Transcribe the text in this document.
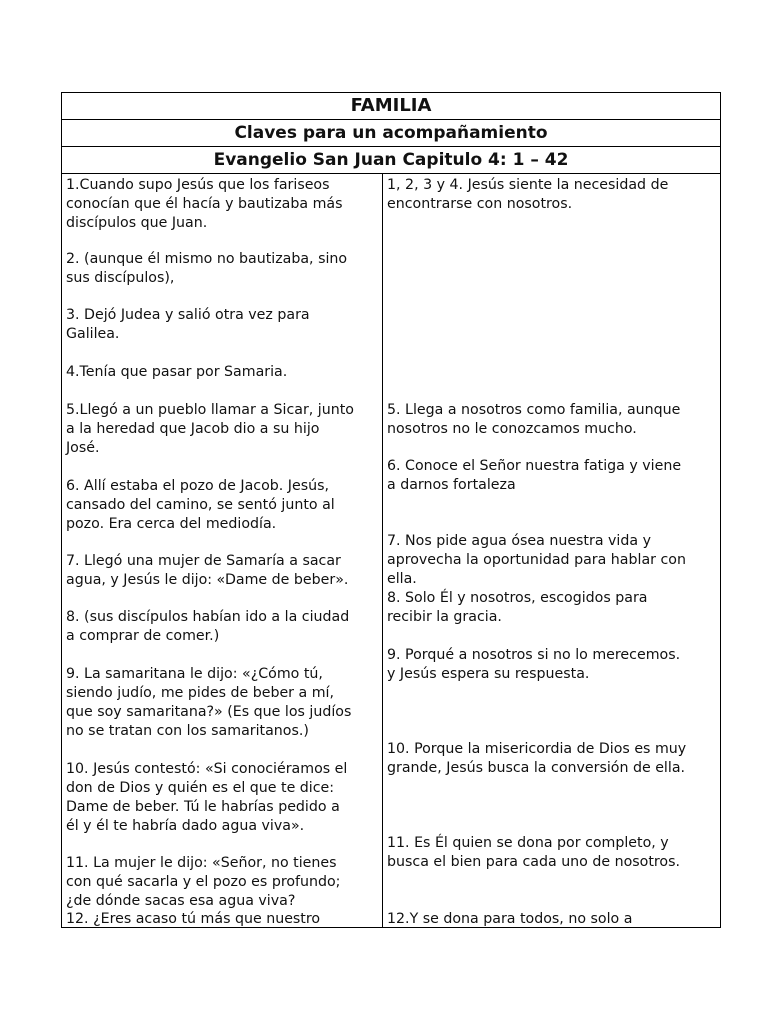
FAMILIA
Claves para un acompañamiento
Evangelio San Juan Capitulo 4: 1 – 42

1.Cuando supo Jesús que los fariseos
conocían que él hacía y bautizaba más
discípulos que Juan.

2. (aunque él mismo no bautizaba, sino
sus discípulos),

3. Dejó Judea y salió otra vez para
Galilea.

4.Tenía que pasar por Samaria.

5.Llegó a un pueblo llamar a Sicar, junto
a la heredad que Jacob dio a su hijo
José.

6. Allí estaba el pozo de Jacob. Jesús,
cansado del camino, se sentó junto al
pozo. Era cerca del mediodía.

7. Llegó una mujer de Samaría a sacar
agua, y Jesús le dijo: «Dame de beber».

8. (sus discípulos habían ido a la ciudad
a comprar de comer.)

9. La samaritana le dijo: «¿Cómo tú,
siendo judío, me pides de beber a mí,
que soy samaritana?» (Es que los judíos
no se tratan con los samaritanos.)

10. Jesús contestó: «Si conociéramos el
don de Dios y quién es el que te dice:
Dame de beber. Tú le habrías pedido a
él y él te habría dado agua viva».

11. La mujer le dijo: «Señor, no tienes
con qué sacarla y el pozo es profundo;
¿de dónde sacas esa agua viva?

12. ¿Eres acaso tú más que nuestro

1, 2, 3 y 4. Jesús siente la necesidad de
encontrarse con nosotros.

5. Llega a nosotros como familia, aunque
nosotros no le conozcamos mucho.

6. Conoce el Señor nuestra fatiga y viene
a darnos fortaleza

7. Nos pide agua ósea nuestra vida y
aprovecha la oportunidad para hablar con
ella.

8. Solo Él y nosotros, escogidos para
recibir la gracia.

9. Porqué a nosotros si no lo merecemos.
y Jesús espera su respuesta.

10. Porque la misericordia de Dios es muy
grande, Jesús busca la conversión de ella.

11. Es Él quien se dona por completo, y
busca el bien para cada uno de nosotros.

12.Y se dona para todos, no solo a
